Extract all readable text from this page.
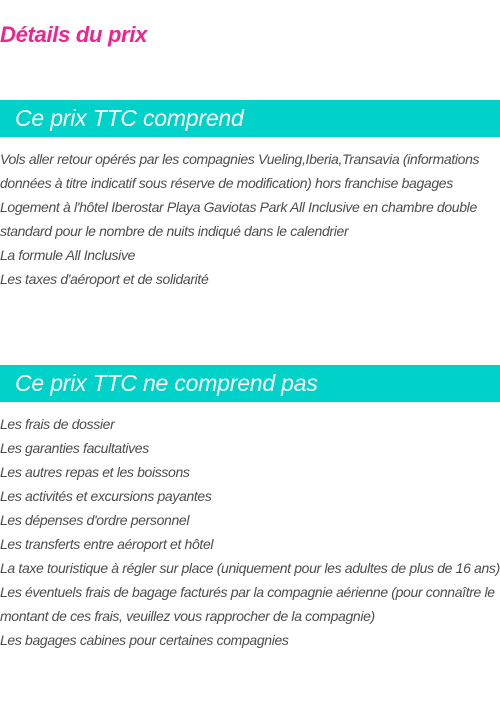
Détails du prix
Ce prix TTC comprend
Vols aller retour opérés par les compagnies Vueling,Iberia,Transavia (informations données à titre indicatif sous réserve de modification) hors franchise bagages
Logement à l'hôtel Iberostar Playa Gaviotas Park All Inclusive en chambre double standard pour le nombre de nuits indiqué dans le calendrier
La formule All Inclusive
Les taxes d'aéroport et de solidarité
Ce prix TTC ne comprend pas
Les frais de dossier
Les garanties facultatives
Les autres repas et les boissons
Les activités et excursions payantes
Les dépenses d'ordre personnel
Les transferts entre aéroport et hôtel
La taxe touristique à régler sur place (uniquement pour les adultes de plus de 16 ans)
Les éventuels frais de bagage facturés par la compagnie aérienne (pour connaître le montant de ces frais, veuillez vous rapprocher de la compagnie)
Les bagages cabines pour certaines compagnies
